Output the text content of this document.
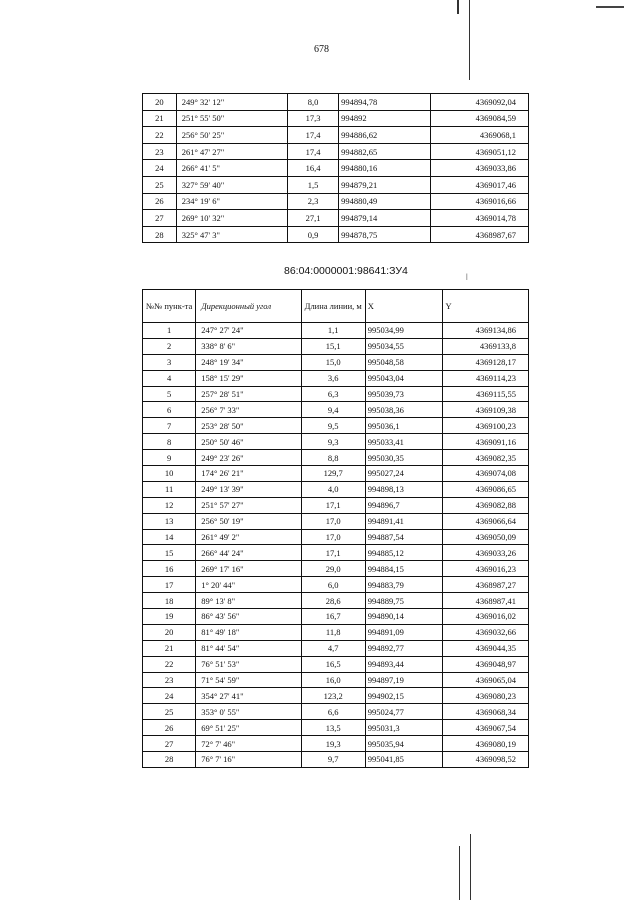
678
20	249° 32' 12"	8,0	994894,78	4369092,04
21	251° 55' 50"	17,3	994892	4369084,59
22	256° 50' 25"	17,4	994886,62	4369068,1
23	261° 47' 27"	17,4	994882,65	4369051,12
24	266° 41' 5"	16,4	994880,16	4369033,86
25	327° 59' 40"	1,5	994879,21	4369017,46
26	234° 19' 6"	2,3	994880,49	4369016,66
27	269° 10' 32"	27,1	994879,14	4369014,78
28	325° 47' 3"	0,9	994878,75	4368987,67
86:04:0000001:98641:ЗУ4	ǀ
№№ пунк-та	Дирекционный угол	Длина линии, м	X	Y
1	247° 27' 24"	1,1	995034,99	4369134,86
2	338° 8' 6"	15,1	995034,55	4369133,8
3	248° 19' 34"	15,0	995048,58	4369128,17
4	158° 15' 29"	3,6	995043,04	4369114,23
5	257° 28' 51"	6,3	995039,73	4369115,55
6	256° 7' 33"	9,4	995038,36	4369109,38
7	253° 28' 50"	9,5	995036,1	4369100,23
8	250° 50' 46"	9,3	995033,41	4369091,16
9	249° 23' 26"	8,8	995030,35	4369082,35
10	174° 26' 21"	129,7	995027,24	4369074,08
11	249° 13' 39"	4,0	994898,13	4369086,65
12	251° 57' 27"	17,1	994896,7	4369082,88
13	256° 50' 19"	17,0	994891,41	4369066,64
14	261° 49' 2"	17,0	994887,54	4369050,09
15	266° 44' 24"	17,1	994885,12	4369033,26
16	269° 17' 16"	29,0	994884,15	4369016,23
17	1° 20' 44"	6,0	994883,79	4368987,27
18	89° 13' 8"	28,6	994889,75	4368987,41
19	86° 43' 56"	16,7	994890,14	4369016,02
20	81° 49' 18"	11,8	994891,09	4369032,66
21	81° 44' 54"	4,7	994892,77	4369044,35
22	76° 51' 53"	16,5	994893,44	4369048,97
23	71° 54' 59"	16,0	994897,19	4369065,04
24	354° 27' 41"	123,2	994902,15	4369080,23
25	353° 0' 55"	6,6	995024,77	4369068,34
26	69° 51' 25"	13,5	995031,3	4369067,54
27	72° 7' 46"	19,3	995035,94	4369080,19
28	76° 7' 16"	9,7	995041,85	4369098,52
